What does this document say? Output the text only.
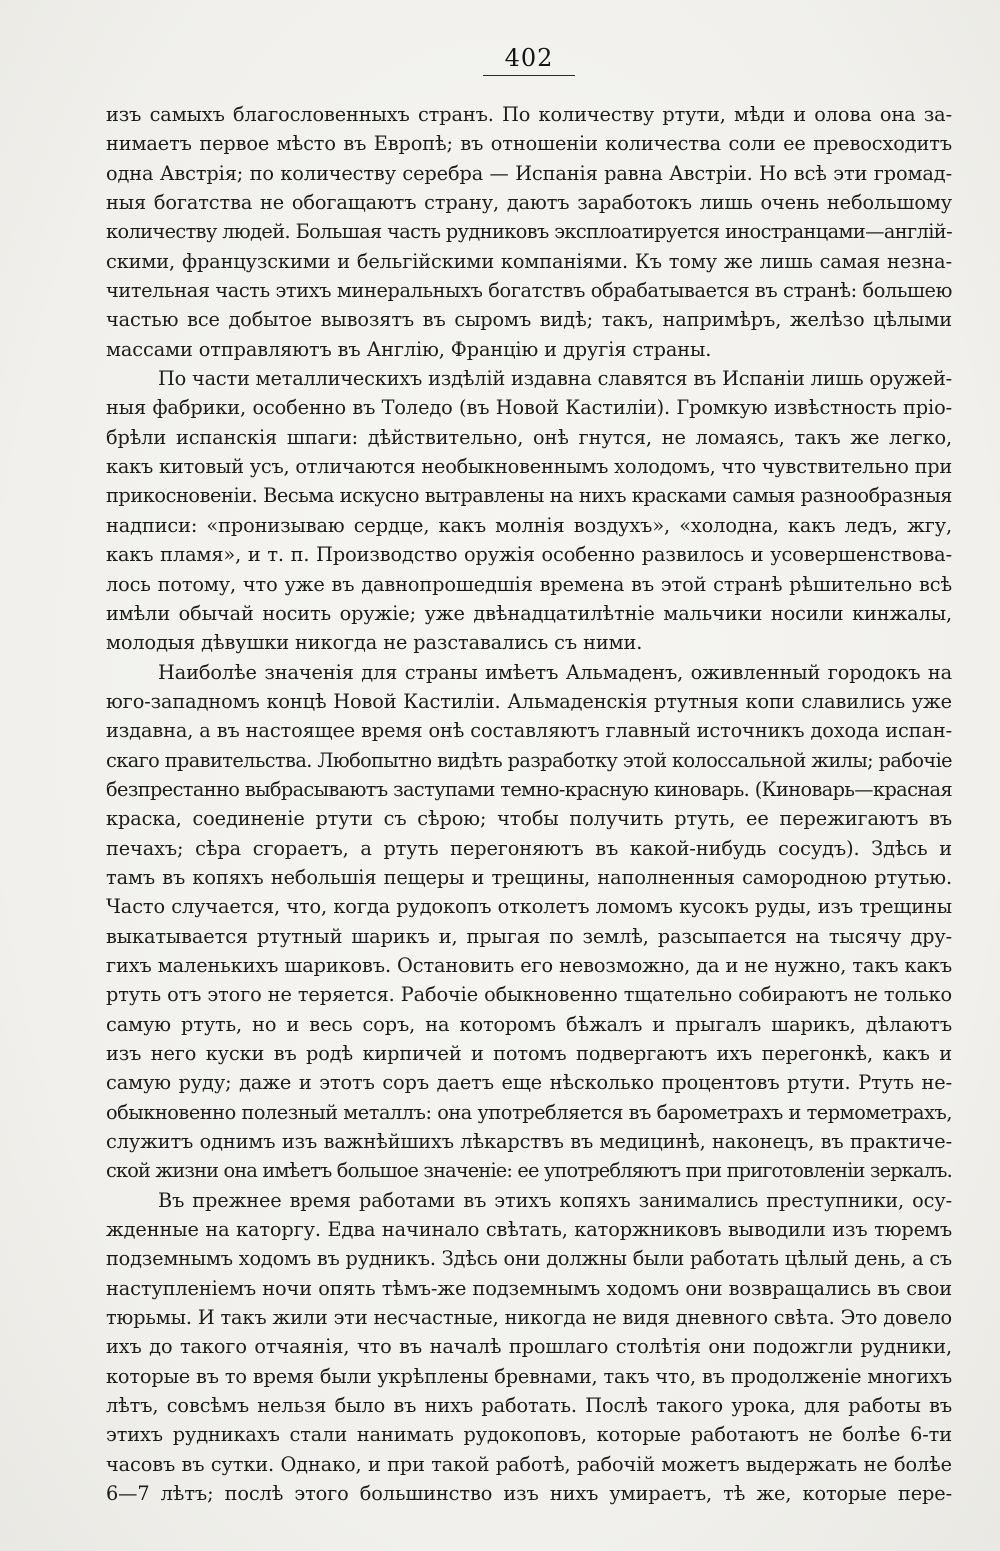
402
изъ самыхъ благословенныхъ странъ. По количеству ртути, мѣди и олова она за-
нимаетъ первое мѣсто въ Европѣ; въ отношеніи количества соли ее превосходитъ
одна Австрія; по количеству серебра — Испанія равна Австріи. Но всѣ эти громад-
ныя богатства не обогащаютъ страну, даютъ заработокъ лишь очень небольшому
количеству людей. Большая часть рудниковъ эксплоатируется иностранцами—англій-
скими, французскими и бельгійскими компаніями. Къ тому же лишь самая незна-
чительная часть этихъ минеральныхъ богатствъ обрабатывается въ странѣ: большею
частью все добытое вывозятъ въ сыромъ видѣ; такъ, напримѣръ, желѣзо цѣлыми
массами отправляютъ въ Англію, Францію и другія страны.
По части металлическихъ издѣлій издавна славятся въ Испаніи лишь оружей-
ныя фабрики, особенно въ Толедо (въ Новой Кастиліи). Громкую извѣстность пріо-
брѣли испанскія шпаги: дѣйствительно, онѣ гнутся, не ломаясь, такъ же легко,
какъ китовый усъ, отличаются необыкновеннымъ холодомъ, что чувствительно при
прикосновеніи. Весьма искусно вытравлены на нихъ красками самыя разнообразныя
надписи: «пронизываю сердце, какъ молнія воздухъ», «холодна, какъ ледъ, жгу,
какъ пламя», и т. п. Производство оружія особенно развилось и усовершенствова-
лось потому, что уже въ давнопрошедшія времена въ этой странѣ рѣшительно всѣ
имѣли обычай носить оружіе; уже двѣнадцатилѣтніе мальчики носили кинжалы,
молодыя дѣвушки никогда не разставались съ ними.
Наиболѣе значенія для страны имѣетъ Альмаденъ, оживленный городокъ на
юго-западномъ концѣ Новой Кастиліи. Альмаденскія ртутныя копи славились уже
издавна, а въ настоящее время онѣ составляютъ главный источникъ дохода испан-
скаго правительства. Любопытно видѣть разработку этой колоссальной жилы; рабочіе
безпрестанно выбрасываютъ заступами темно-красную киноварь. (Киноварь—красная
краска, соединеніе ртути съ сѣрою; чтобы получить ртуть, ее пережигаютъ въ
печахъ; сѣра сгораетъ, а ртуть перегоняютъ въ какой-нибудь сосудъ). Здѣсь и
тамъ въ копяхъ небольшія пещеры и трещины, наполненныя самородною ртутью.
Часто случается, что, когда рудокопъ отколетъ ломомъ кусокъ руды, изъ трещины
выкатывается ртутный шарикъ и, прыгая по землѣ, разсыпается на тысячу дру-
гихъ маленькихъ шариковъ. Остановить его невозможно, да и не нужно, такъ какъ
ртуть отъ этого не теряется. Рабочіе обыкновенно тщательно собираютъ не только
самую ртуть, но и весь соръ, на которомъ бѣжалъ и прыгалъ шарикъ, дѣлаютъ
изъ него куски въ родѣ кирпичей и потомъ подвергаютъ ихъ перегонкѣ, какъ и
самую руду; даже и этотъ соръ даетъ еще нѣсколько процентовъ ртути. Ртуть не-
обыкновенно полезный металлъ: она употребляется въ барометрахъ и термометрахъ,
служитъ однимъ изъ важнѣйшихъ лѣкарствъ въ медицинѣ, наконецъ, въ практиче-
ской жизни она имѣетъ большое значеніе: ее употребляютъ при приготовленіи зеркалъ.
Въ прежнее время работами въ этихъ копяхъ занимались преступники, осу-
жденные на каторгу. Едва начинало свѣтать, каторжниковъ выводили изъ тюремъ
подземнымъ ходомъ въ рудникъ. Здѣсь они должны были работать цѣлый день, а съ
наступленіемъ ночи опять тѣмъ-же подземнымъ ходомъ они возвращались въ свои
тюрьмы. И такъ жили эти несчастные, никогда не видя дневного свѣта. Это довело
ихъ до такого отчаянія, что въ началѣ прошлаго столѣтія они подожгли рудники,
которые въ то время были укрѣплены бревнами, такъ что, въ продолженіе многихъ
лѣтъ, совсѣмъ нельзя было въ нихъ работать. Послѣ такого урока, для работы въ
этихъ рудникахъ стали нанимать рудокоповъ, которые работаютъ не болѣе 6-ти
часовъ въ сутки. Однако, и при такой работѣ, рабочій можетъ выдержать не болѣе
6—7 лѣтъ; послѣ этого большинство изъ нихъ умираетъ, тѣ же, которые пере-
